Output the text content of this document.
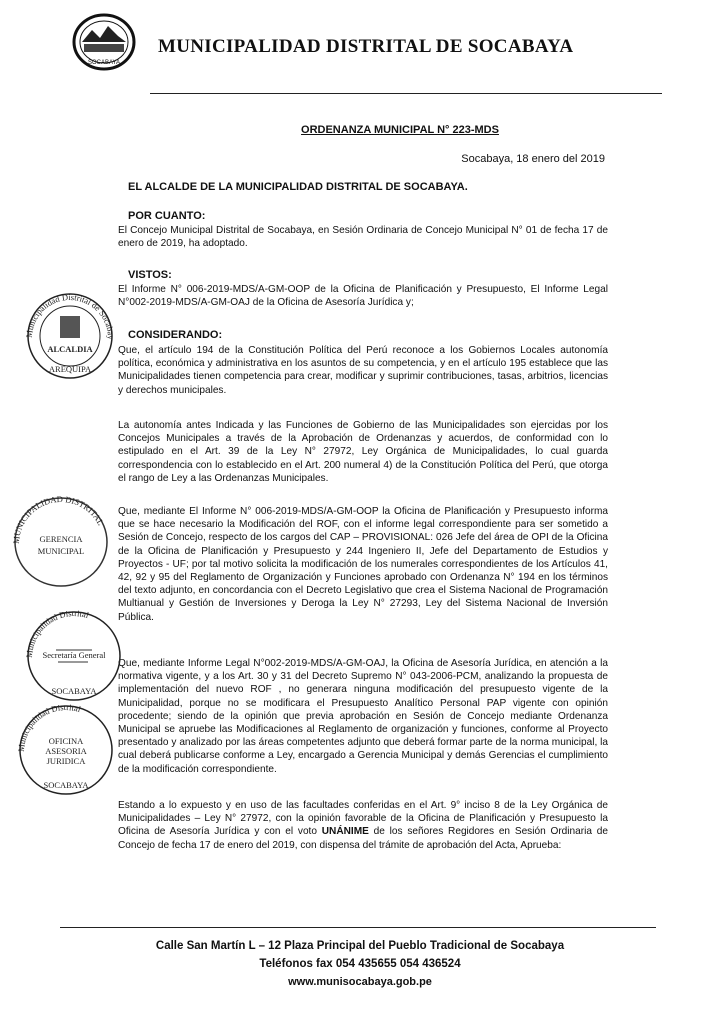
SOCABAYA
MUNICIPALIDAD DISTRITAL DE SOCABAYA
ORDENANZA MUNICIPAL N° 223-MDS
Socabaya, 18 enero del 2019
EL ALCALDE DE LA MUNICIPALIDAD DISTRITAL DE SOCABAYA.
POR CUANTO:
El Concejo Municipal Distrital de Socabaya, en Sesión Ordinaria de Concejo Municipal N° 01 de fecha 17 de enero de 2019, ha adoptado.
VISTOS:
El Informe N° 006-2019-MDS/A-GM-OOP de la Oficina de Planificación y Presupuesto, El Informe Legal N°002-2019-MDS/A-GM-OAJ de la Oficina de Asesoría Jurídica y;
CONSIDERANDO:
Que, el artículo 194 de la Constitución Política del Perú reconoce a los Gobiernos Locales autonomía política, económica y administrativa en los asuntos de su competencia, y en el artículo 195 establece que las Municipalidades tienen competencia para crear, modificar y suprimir contribuciones, tasas, arbitrios, licencias y derechos municipales.
La autonomía antes Indicada y las Funciones de Gobierno de las Municipalidades son ejercidas por los Concejos Municipales a través de la Aprobación de Ordenanzas y acuerdos, de conformidad con lo estipulado en el Art. 39 de la Ley N° 27972, Ley Orgánica de Municipalidades, lo cual guarda correspondencia con lo establecido en el Art. 200 numeral 4) de la Constitución Política del Perú, que otorga el rango de Ley a las Ordenanzas Municipales.
Que, mediante El Informe N° 006-2019-MDS/A-GM-OOP la Oficina de Planificación y Presupuesto informa que se hace necesario la Modificación del ROF, con el informe legal correspondiente para ser sometido a Sesión de Concejo, respecto de los cargos del CAP – PROVISIONAL: 026 Jefe del área de OPI de la Oficina de la Oficina de Planificación y Presupuesto y 244 Ingeniero II, Jefe del Departamento de Estudios y Proyectos - UF; por tal motivo solicita la modificación de los numerales correspondientes de los Artículos 41, 42, 92 y 95 del Reglamento de Organización y Funciones aprobado con Ordenanza N° 194 en los términos del texto adjunto, en concordancia con el Decreto Legislativo que crea el Sistema Nacional de Programación Multianual y Gestión de Inversiones y Deroga la Ley N° 27293, Ley del Sistema Nacional de Inversión Pública.
Que, mediante Informe Legal N°002-2019-MDS/A-GM-OAJ, la Oficina de Asesoría Jurídica, en atención a la normativa vigente, y a los Art. 30 y 31 del Decreto Supremo N° 043-2006-PCM, analizando la propuesta de implementación del nuevo ROF , no generara ninguna modificación del presupuesto vigente de la Municipalidad, porque no se modificara el Presupuesto Analítico Personal PAP vigente con opinión procedente; siendo de la opinión que previa aprobación en Sesión de Concejo mediante Ordenanza Municipal se apruebe las Modificaciones al Reglamento de organización y funciones, conforme al Proyecto presentado y analizado por las áreas competentes adjunto que deberá formar parte de la norma municipal, la cual deberá publicarse conforme a Ley, encargado a Gerencia Municipal y demás Gerencias el cumplimiento de la modificación correspondiente.
Estando a lo expuesto y en uso de las facultades conferidas en el Art. 9° inciso 8 de la Ley Orgánica de Municipalidades – Ley N° 27972, con la opinión favorable de la Oficina de Planificación y Presupuesto la Oficina de Asesoría Jurídica y con el voto UNÁNIME de los señores Regidores en Sesión Ordinaria de Concejo de fecha 17 de enero del 2019, con dispensa del trámite de aprobación del Acta, Aprueba:
Municipalidad Distrital de Socabay
ALCALDIA
AREQUIPA
MUNICIPALIDAD DISTRITAL
GERENCIA
MUNICIPAL
Municipalidad Distrital
Secretaría General
SOCABAYA
Municipalidad Distrital
OFICINA
ASESORIA
JURIDICA
SOCABAYA
Calle San Martín L – 12 Plaza Principal del Pueblo Tradicional de Socabaya
Teléfonos fax 054 435655 054 436524
www.munisocabaya.gob.pe
